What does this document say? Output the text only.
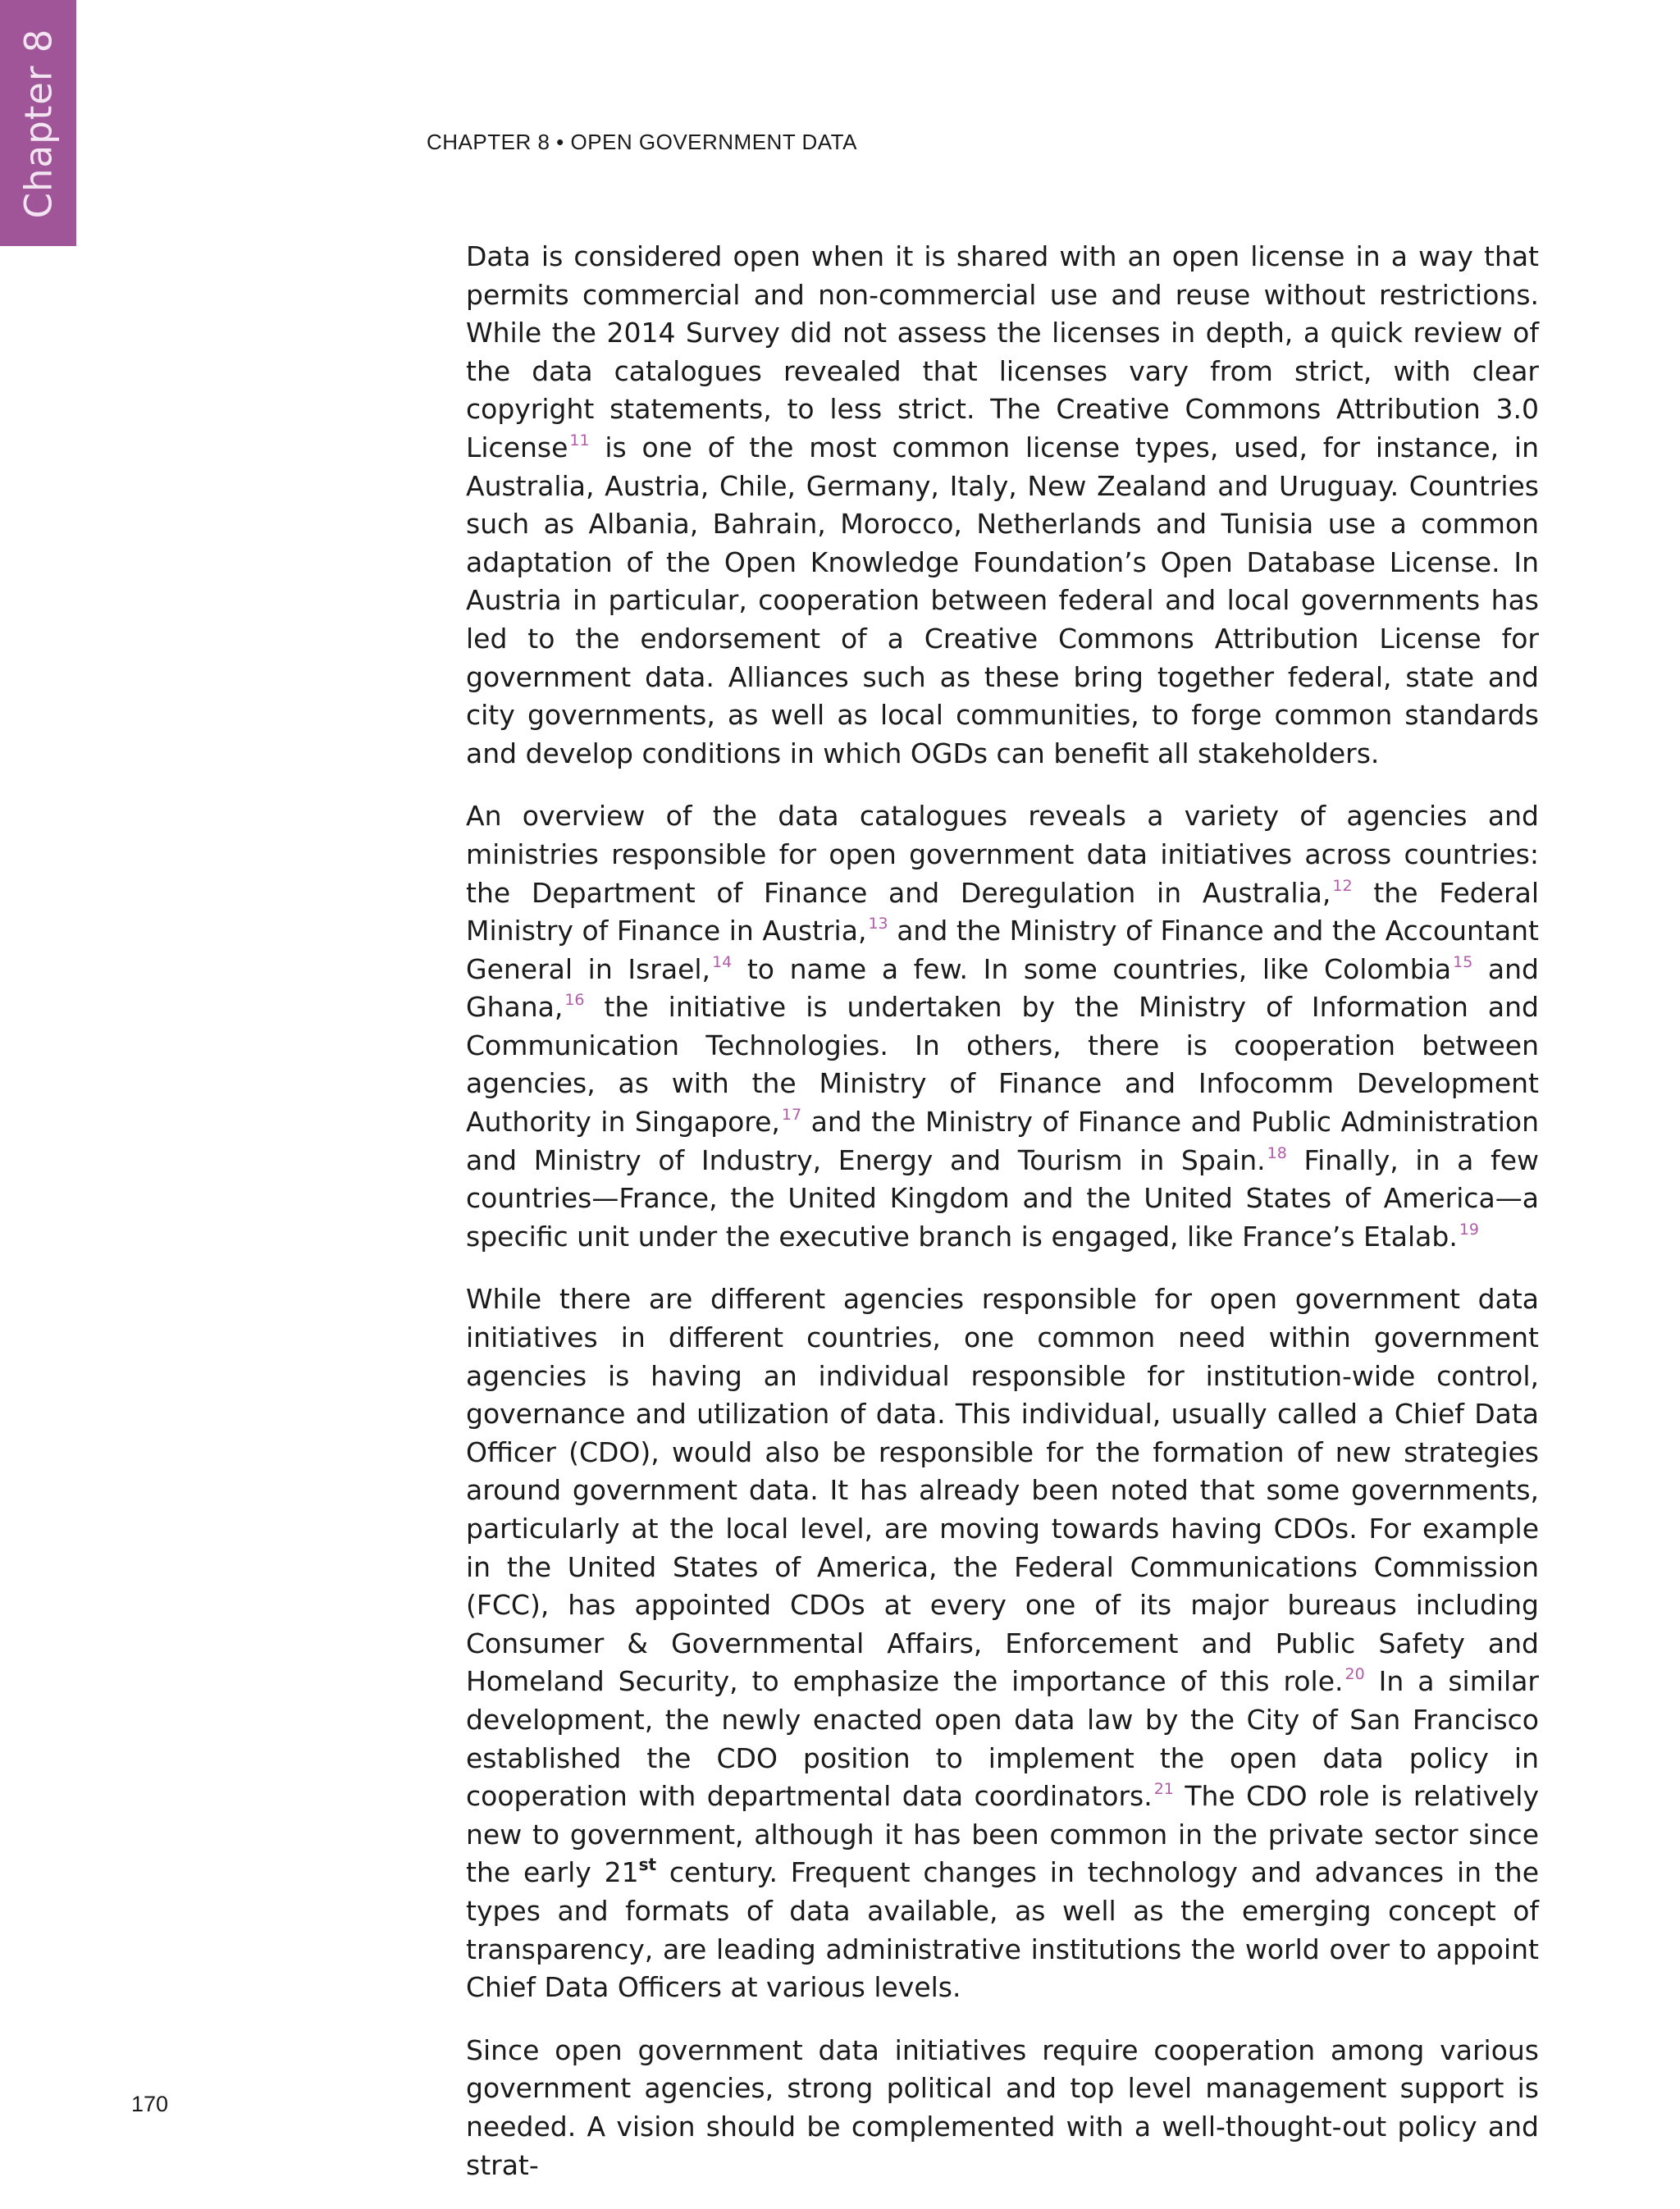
Chapter 8	CHAPTER 8 • OPEN GOVERNMENT DATA

Data is considered open when it is shared with an open license in a way that permits commercial and non-commercial use and reuse without restrictions. While the 2014 Survey did not assess the licenses in depth, a quick review of the data catalogues revealed that licenses vary from strict, with clear copyright statements, to less strict. The Creative Commons Attribution 3.0 License $^{11}$ is one of the most common license types, used, for instance, in Australia, Austria, Chile, Germany, Italy, New Zealand and Uruguay. Countries such as Albania, Bahrain, Morocco, Netherlands and Tunisia use a common adaptation of the Open Knowledge Foundation’s Open Database License. In Austria in particular, cooperation between federal and local governments has led to the endorsement of a Creative Commons Attribution License for government data. Alliances such as these bring together federal, state and city governments, as well as local communities, to forge common standards and develop conditions in which OGDs can benefit all stakeholders.

An overview of the data catalogues reveals a variety of agencies and ministries responsible for open government data initiatives across countries: the Department of Finance and Deregulation in Australia, $^{12}$ the Federal Ministry of Finance in Austria, $^{13}$ and the Ministry of Finance and the Accountant General in Israel, $^{14}$ to name a few. In some countries, like Colombia $^{15}$ and Ghana, $^{16}$ the initiative is undertaken by the Ministry of Information and Communication Technologies. In others, there is cooperation between agencies, as with the Ministry of Finance and Infocomm Development Authority in Singapore, $^{17}$ and the Ministry of Finance and Public Administration and Ministry of Industry, Energy and Tourism in Spain. $^{18}$ Finally, in a few countries—France, the United Kingdom and the United States of America—a specific unit under the executive branch is engaged, like France’s Etalab. $^{19}$

While there are different agencies responsible for open government data initiatives in different countries, one common need within government agencies is having an individual responsible for institution-wide control, governance and utilization of data. This individual, usually called a Chief Data Officer (CDO), would also be responsible for the formation of new strategies around government data. It has already been noted that some governments, particularly at the local level, are moving towards having CDOs. For example in the United States of America, the Federal Communications Commission (FCC), has appointed CDOs at every one of its major bureaus including Consumer & Governmental Affairs, Enforcement and Public Safety and Homeland Security, to emphasize the importance of this role. $^{20}$ In a similar development, the newly enacted open data law by the City of San Francisco established the CDO position to implement the open data policy in cooperation with departmental data coordinators. $^{21}$ The CDO role is relatively new to government, although it has been common in the private sector since the early 21st century. Frequent changes in technology and advances in the types and formats of data available, as well as the emerging concept of transparency, are leading administrative institutions the world over to appoint Chief Data Officers at various levels.

Since open government data initiatives require cooperation among various government agencies, strong political and top level management support is needed. A vision should be complemented with a well-thought-out policy and strat-

170
